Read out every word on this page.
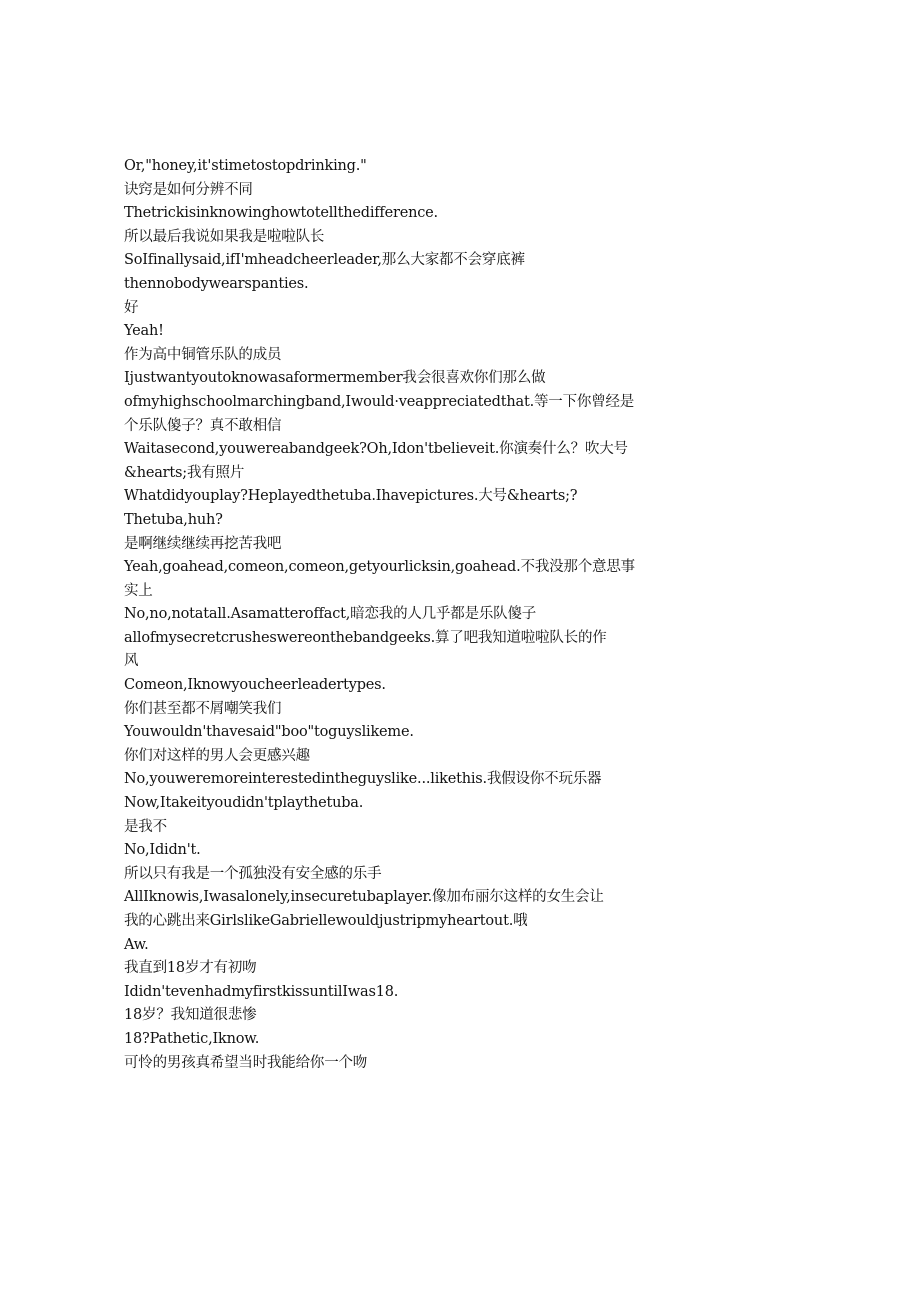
Or,"honey,it'stimetostopdrinking."
诀窍是如何分辨不同
Thetrickisinknowinghowtotellthedifference.
所以最后我说如果我是啦啦队长
SoIfinallysaid,ifI'mheadcheerleader,那么大家都不会穿底裤
thennobodywearspanties.
好
Yeah!
作为高中铜管乐队的成员
Ijustwantyoutoknowasaformermember我会很喜欢你们那么做
ofmyhighschoolmarchingband,Iwould·veappreciatedthat.等一下你曾经是
个乐队傻子？真不敢相信
Waitasecond,youwereabandgeek?Oh,Idon'tbelieveit.你演奏什么？吹大号
&hearts;我有照片
Whatdidyouplay?Heplayedthetuba.Ihavepictures.大号&hearts;?
Thetuba,huh?
是啊继续继续再挖苦我吧
Yeah,goahead,comeon,comeon,getyourlicksin,goahead.不我没那个意思事
实上
No,no,notatall.Asamatteroffact,暗恋我的人几乎都是乐队傻子
allofmysecretcrusheswereonthebandgeeks.算了吧我知道啦啦队长的作
风
Comeon,Iknowyoucheerleadertypes.
你们甚至都不屑嘲笑我们
Youwouldn'thavesaid"boo"toguyslikeme.
你们对这样的男人会更感兴趣
No,youweremoreinterestedintheguyslike...likethis.我假设你不玩乐器
Now,Itakeityoudidn'tplaythetuba.
是我不
No,Ididn't.
所以只有我是一个孤独没有安全感的乐手
AllIknowis,Iwasalonely,insecuretubaplayer.像加布丽尔这样的女生会让
我的心跳出来GirlslikeGabriellewouldjustripmyheartout.哦
Aw.
我直到18岁才有初吻
Ididn'tevenhadmyfirstkissuntilIwas18.
18岁？我知道很悲惨
18?Pathetic,Iknow.
可怜的男孩真希望当时我能给你一个吻
